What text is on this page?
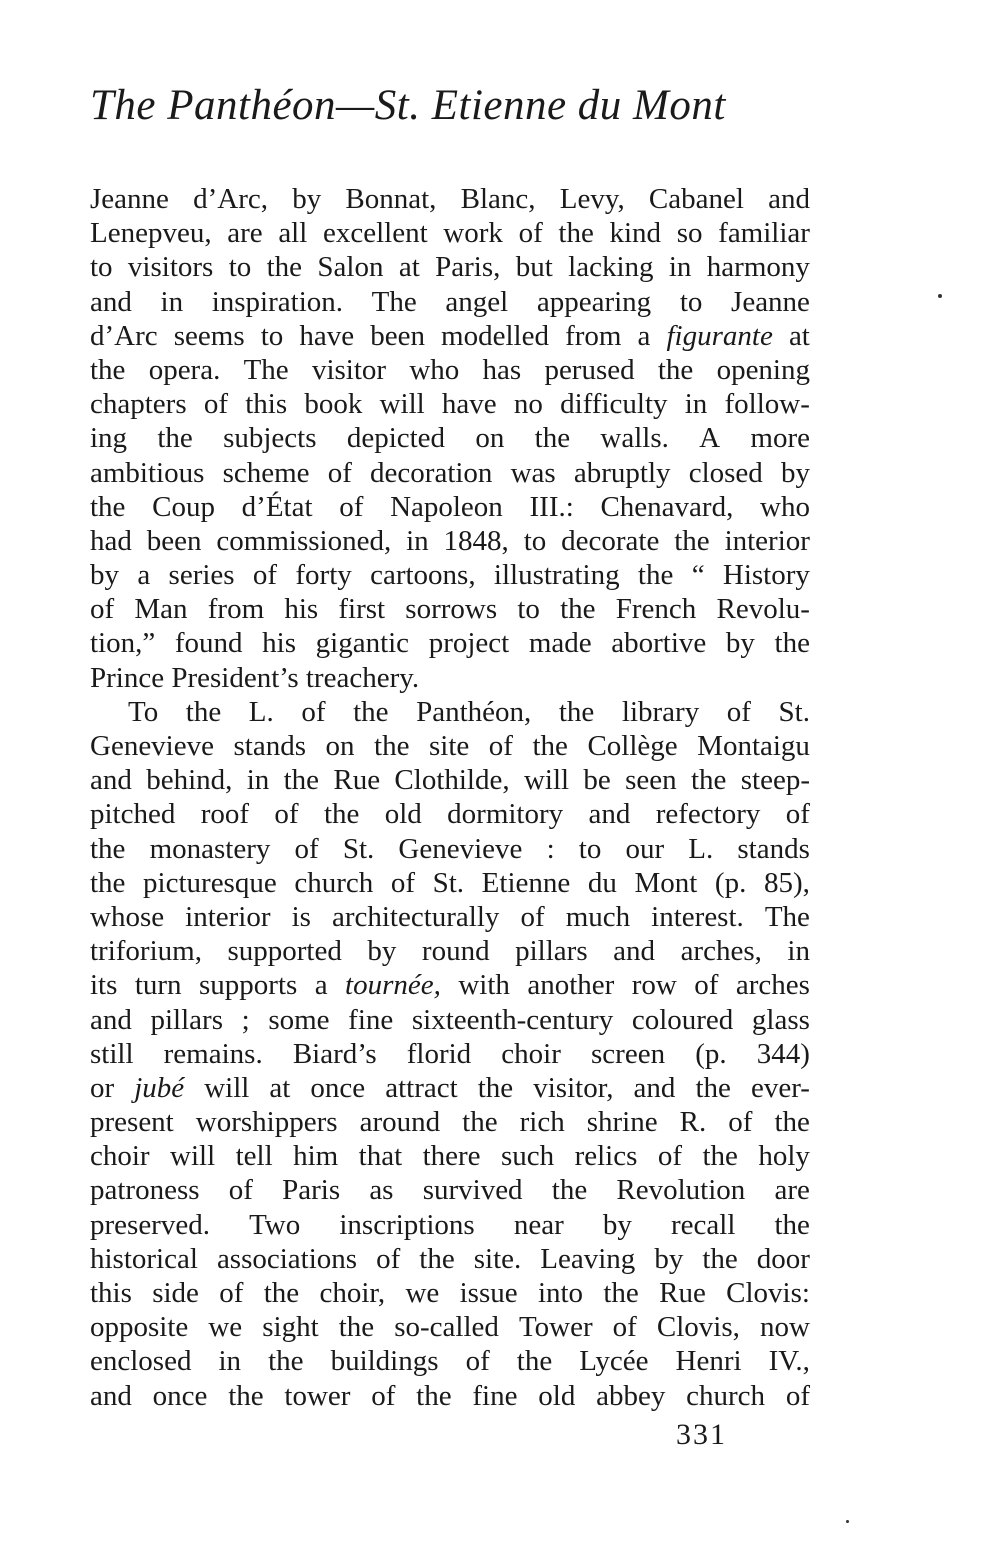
The Panthéon—St. Etienne du Mont
Jeanne d’Arc, by Bonnat, Blanc, Levy, Cabanel and
Lenepveu, are all excellent work of the kind so familiar
to visitors to the Salon at Paris, but lacking in harmony
and in inspiration. The angel appearing to Jeanne
d’Arc seems to have been modelled from a figurante at
the opera. The visitor who has perused the opening
chapters of this book will have no difficulty in follow-
ing the subjects depicted on the walls. A more
ambitious scheme of decoration was abruptly closed by
the Coup d’État of Napoleon III.: Chenavard, who
had been commissioned, in 1848, to decorate the interior
by a series of forty cartoons, illustrating the “ History
of Man from his first sorrows to the French Revolu-
tion,” found his gigantic project made abortive by the
Prince President’s treachery.
To the L. of the Panthéon, the library of St.
Genevieve stands on the site of the Collège Montaigu
and behind, in the Rue Clothilde, will be seen the steep-
pitched roof of the old dormitory and refectory of
the monastery of St. Genevieve : to our L. stands
the picturesque church of St. Etienne du Mont (p. 85),
whose interior is architecturally of much interest. The
triforium, supported by round pillars and arches, in
its turn supports a tournée, with another row of arches
and pillars ; some fine sixteenth-century coloured glass
still remains. Biard’s florid choir screen (p. 344)
or jubé will at once attract the visitor, and the ever-
present worshippers around the rich shrine R. of the
choir will tell him that there such relics of the holy
patroness of Paris as survived the Revolution are
preserved. Two inscriptions near by recall the
historical associations of the site. Leaving by the door
this side of the choir, we issue into the Rue Clovis:
opposite we sight the so-called Tower of Clovis, now
enclosed in the buildings of the Lycée Henri IV.,
and once the tower of the fine old abbey church of

331
